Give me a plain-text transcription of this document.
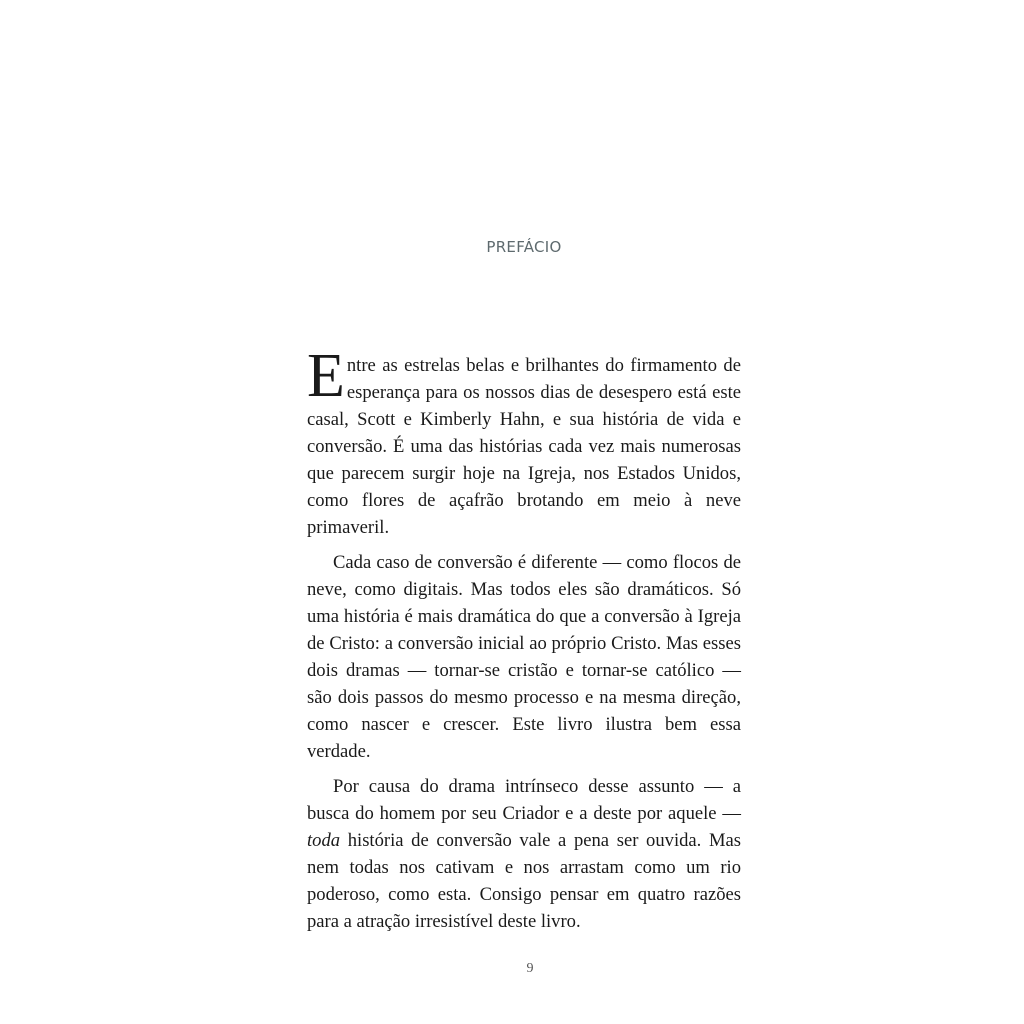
PREFÁCIO

Entre as estrelas belas e brilhantes do firmamento de esperança para os nossos dias de desespero está este casal, Scott e Kimberly Hahn, e sua história de vida e conversão. É uma das histórias cada vez mais numerosas que parecem surgir hoje na Igreja, nos Estados Unidos, como flores de açafrão brotando em meio à neve primaveril.

Cada caso de conversão é diferente — como flocos de neve, como digitais. Mas todos eles são dramáticos. Só uma história é mais dramática do que a conversão à Igreja de Cristo: a conversão inicial ao próprio Cristo. Mas esses dois dramas — tornar-se cristão e tornar-se católico — são dois passos do mesmo processo e na mesma direção, como nascer e crescer. Este livro ilustra bem essa verdade.

Por causa do drama intrínseco desse assunto — a busca do homem por seu Criador e a deste por aquele — toda história de conversão vale a pena ser ouvida. Mas nem todas nos cativam e nos arrastam como um rio poderoso, como esta. Consigo pensar em quatro razões para a atração irresistível deste livro.

9
